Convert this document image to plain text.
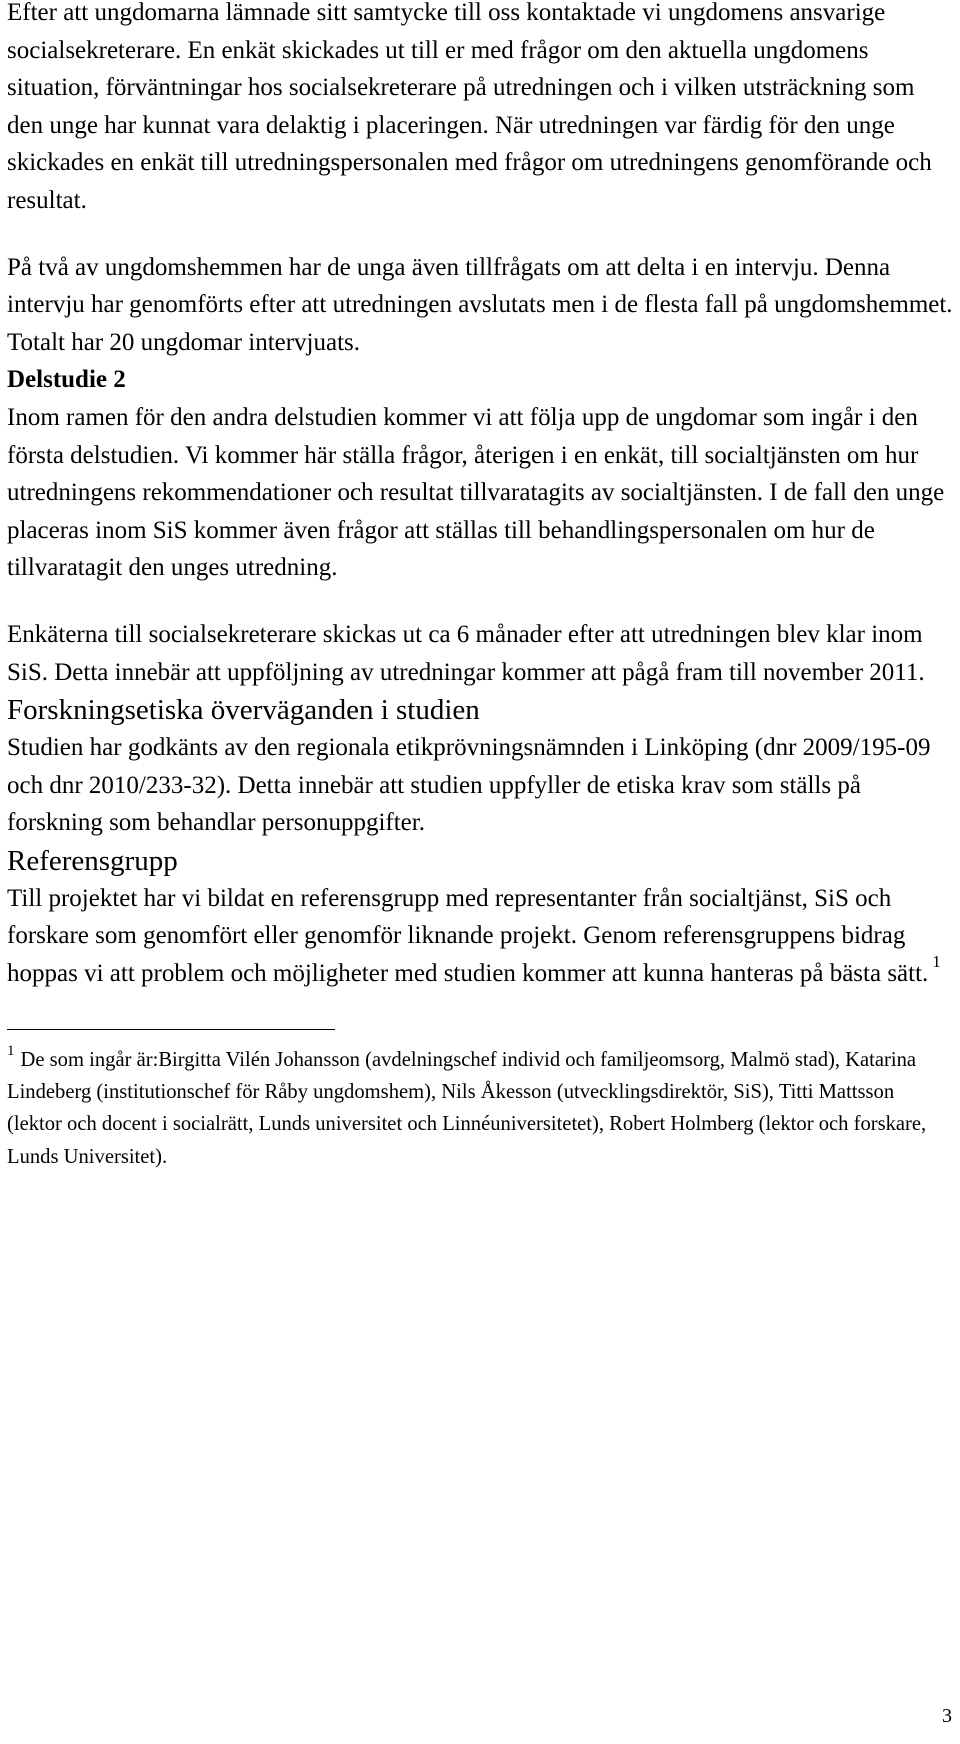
Efter att ungdomarna lämnade sitt samtycke till oss kontaktade vi ungdomens ansvarige socialsekreterare. En enkät skickades ut till er med frågor om den aktuella ungdomens situation, förväntningar hos socialsekreterare på utredningen och i vilken utsträckning som den unge har kunnat vara delaktig i placeringen. När utredningen var färdig för den unge skickades en enkät till utredningspersonalen med frågor om utredningens genomförande och resultat.

På två av ungdomshemmen har de unga även tillfrågats om att delta i en intervju. Denna intervju har genomförts efter att utredningen avslutats men i de flesta fall på ungdomshemmet. Totalt har 20 ungdomar intervjuats.

Delstudie 2

Inom ramen för den andra delstudien kommer vi att följa upp de ungdomar som ingår i den första delstudien. Vi kommer här ställa frågor, återigen i en enkät, till socialtjänsten om hur utredningens rekommendationer och resultat tillvaratagits av socialtjänsten. I de fall den unge placeras inom SiS kommer även frågor att ställas till behandlingspersonalen om hur de tillvaratagit den unges utredning.

Enkäterna till socialsekreterare skickas ut ca 6 månader efter att utredningen blev klar inom SiS. Detta innebär att uppföljning av utredningar kommer att pågå fram till november 2011.

Forskningsetiska överväganden i studien

Studien har godkänts av den regionala etikprövningsnämnden i Linköping (dnr 2009/195-09 och dnr 2010/233-32). Detta innebär att studien uppfyller de etiska krav som ställs på forskning som behandlar personuppgifter.

Referensgrupp

Till projektet har vi bildat en referensgrupp med representanter från socialtjänst, SiS och forskare som genomfört eller genomför liknande projekt. Genom referensgruppens bidrag hoppas vi att problem och möjligheter med studien kommer att kunna hanteras på bästa sätt. $^1$

$^1$ De som ingår är:Birgitta Vilén Johansson (avdelningschef individ och familjeomsorg, Malmö stad), Katarina Lindeberg (institutionschef för Råby ungdomshem), Nils Åkesson (utvecklingsdirektör, SiS), Titti Mattsson (lektor och docent i socialrätt, Lunds universitet och Linnéuniversitetet), Robert Holmberg (lektor och forskare, Lunds Universitet).

3
